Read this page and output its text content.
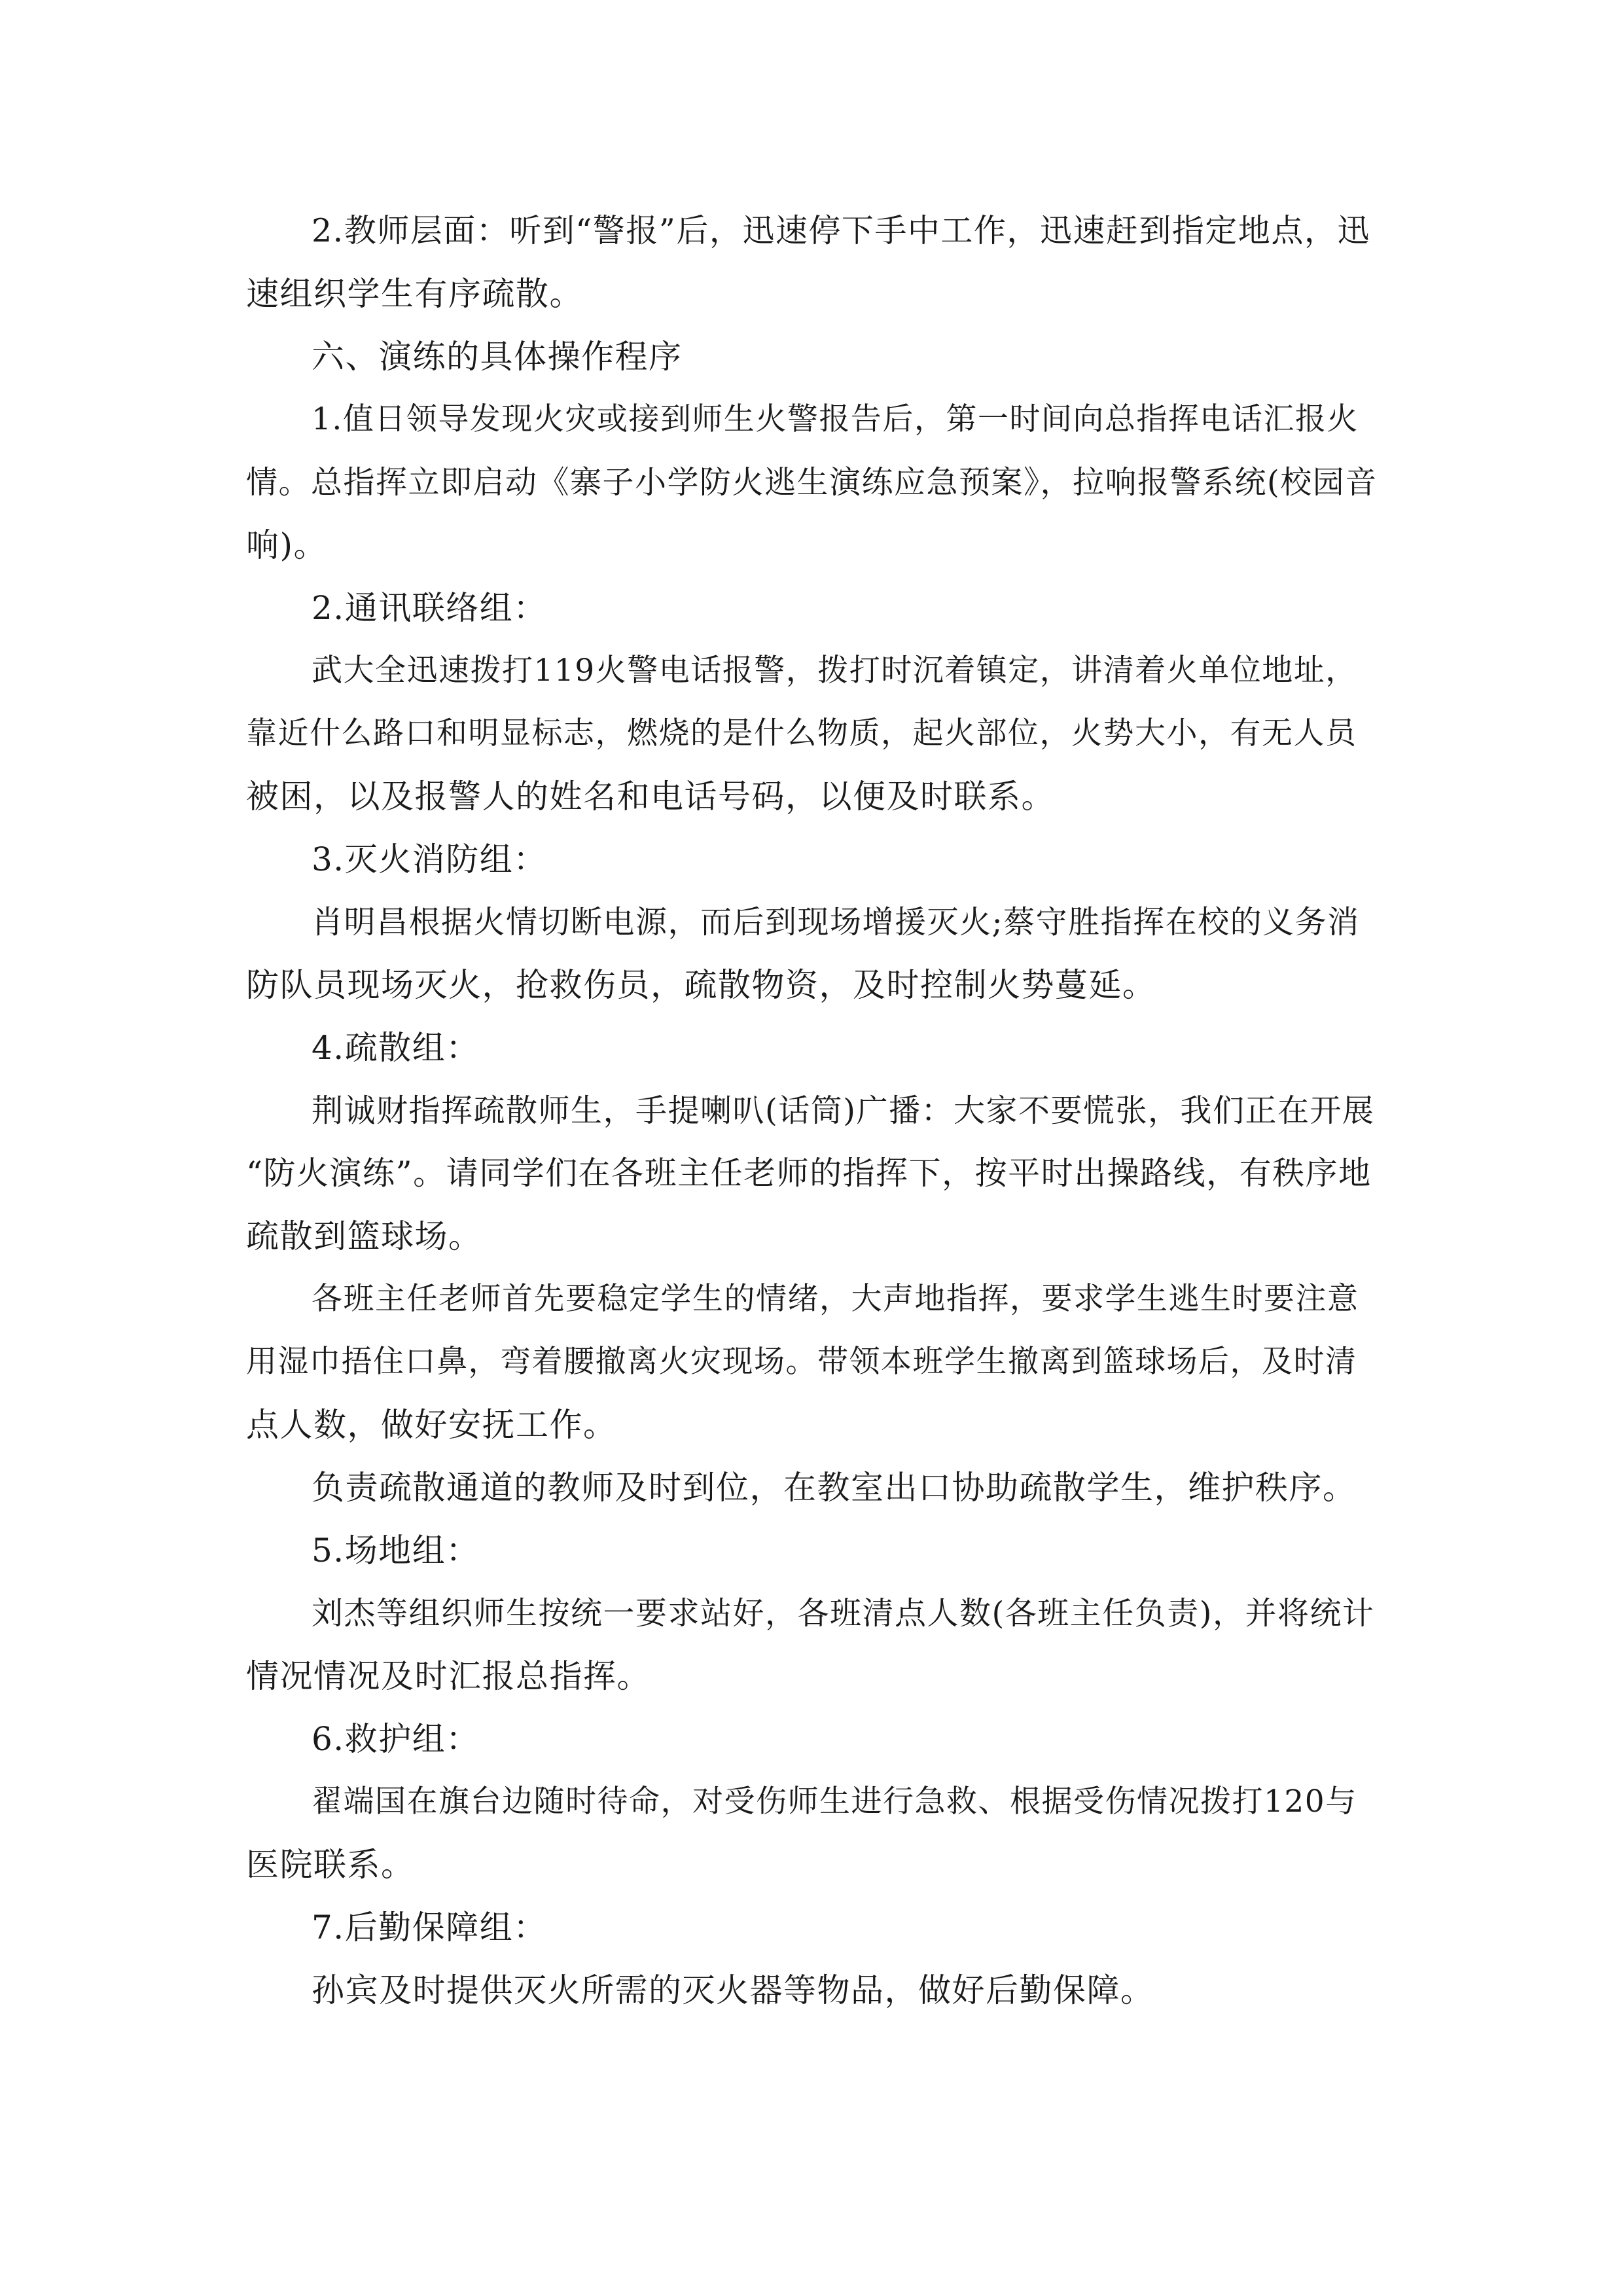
2.教师层面：听到“警报”后，迅速停下手中工作，迅速赶到指定地点，迅
速组织学生有序疏散。
六、演练的具体操作程序
1.值日领导发现火灾或接到师生火警报告后，第一时间向总指挥电话汇报火
情。总指挥立即启动《寨子小学防火逃生演练应急预案》，拉响报警系统(校园音
响)。
2.通讯联络组：
武大全迅速拨打119火警电话报警，拨打时沉着镇定，讲清着火单位地址，
靠近什么路口和明显标志，燃烧的是什么物质，起火部位，火势大小，有无人员
被困，以及报警人的姓名和电话号码，以便及时联系。
3.灭火消防组：
肖明昌根据火情切断电源，而后到现场增援灭火;蔡守胜指挥在校的义务消
防队员现场灭火，抢救伤员，疏散物资，及时控制火势蔓延。
4.疏散组：
荆诚财指挥疏散师生，手提喇叭(话筒)广播：大家不要慌张，我们正在开展
“防火演练”。请同学们在各班主任老师的指挥下，按平时出操路线，有秩序地
疏散到篮球场。
各班主任老师首先要稳定学生的情绪，大声地指挥，要求学生逃生时要注意
用湿巾捂住口鼻，弯着腰撤离火灾现场。带领本班学生撤离到篮球场后，及时清
点人数，做好安抚工作。
负责疏散通道的教师及时到位，在教室出口协助疏散学生，维护秩序。
5.场地组：
刘杰等组织师生按统一要求站好，各班清点人数(各班主任负责)，并将统计
情况情况及时汇报总指挥。
6.救护组：
翟端国在旗台边随时待命，对受伤师生进行急救、根据受伤情况拨打120与
医院联系。
7.后勤保障组：
孙宾及时提供灭火所需的灭火器等物品，做好后勤保障。
